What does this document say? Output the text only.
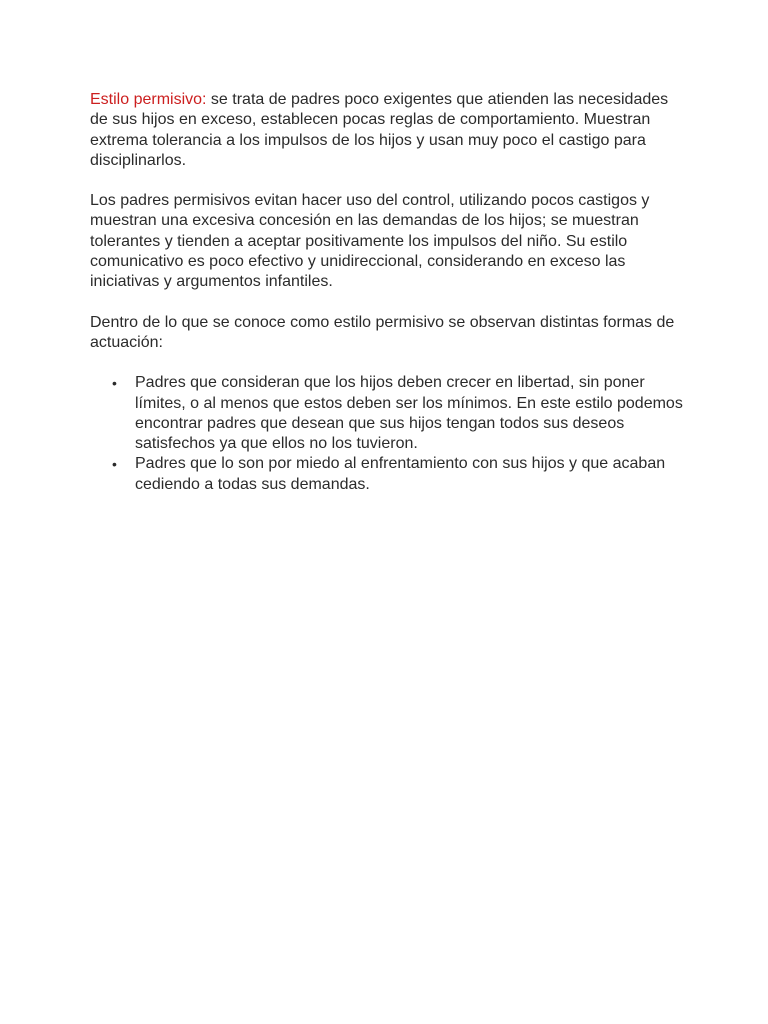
Estilo permisivo: se trata de padres poco exigentes que atienden las necesidades de sus hijos en exceso, establecen pocas reglas de comportamiento. Muestran extrema tolerancia a los impulsos de los hijos y usan muy poco el castigo para disciplinarlos.

Los padres permisivos evitan hacer uso del control, utilizando pocos castigos y muestran una excesiva concesión en las demandas de los hijos; se muestran tolerantes y tienden a aceptar positivamente los impulsos del niño. Su estilo comunicativo es poco efectivo y unidireccional, considerando en exceso las iniciativas y argumentos infantiles.

Dentro de lo que se conoce como estilo permisivo se observan distintas formas de actuación:

• Padres que consideran que los hijos deben crecer en libertad, sin poner límites, o al menos que estos deben ser los mínimos. En este estilo podemos encontrar padres que desean que sus hijos tengan todos sus deseos satisfechos ya que ellos no los tuvieron.
• Padres que lo son por miedo al enfrentamiento con sus hijos y que acaban cediendo a todas sus demandas.
